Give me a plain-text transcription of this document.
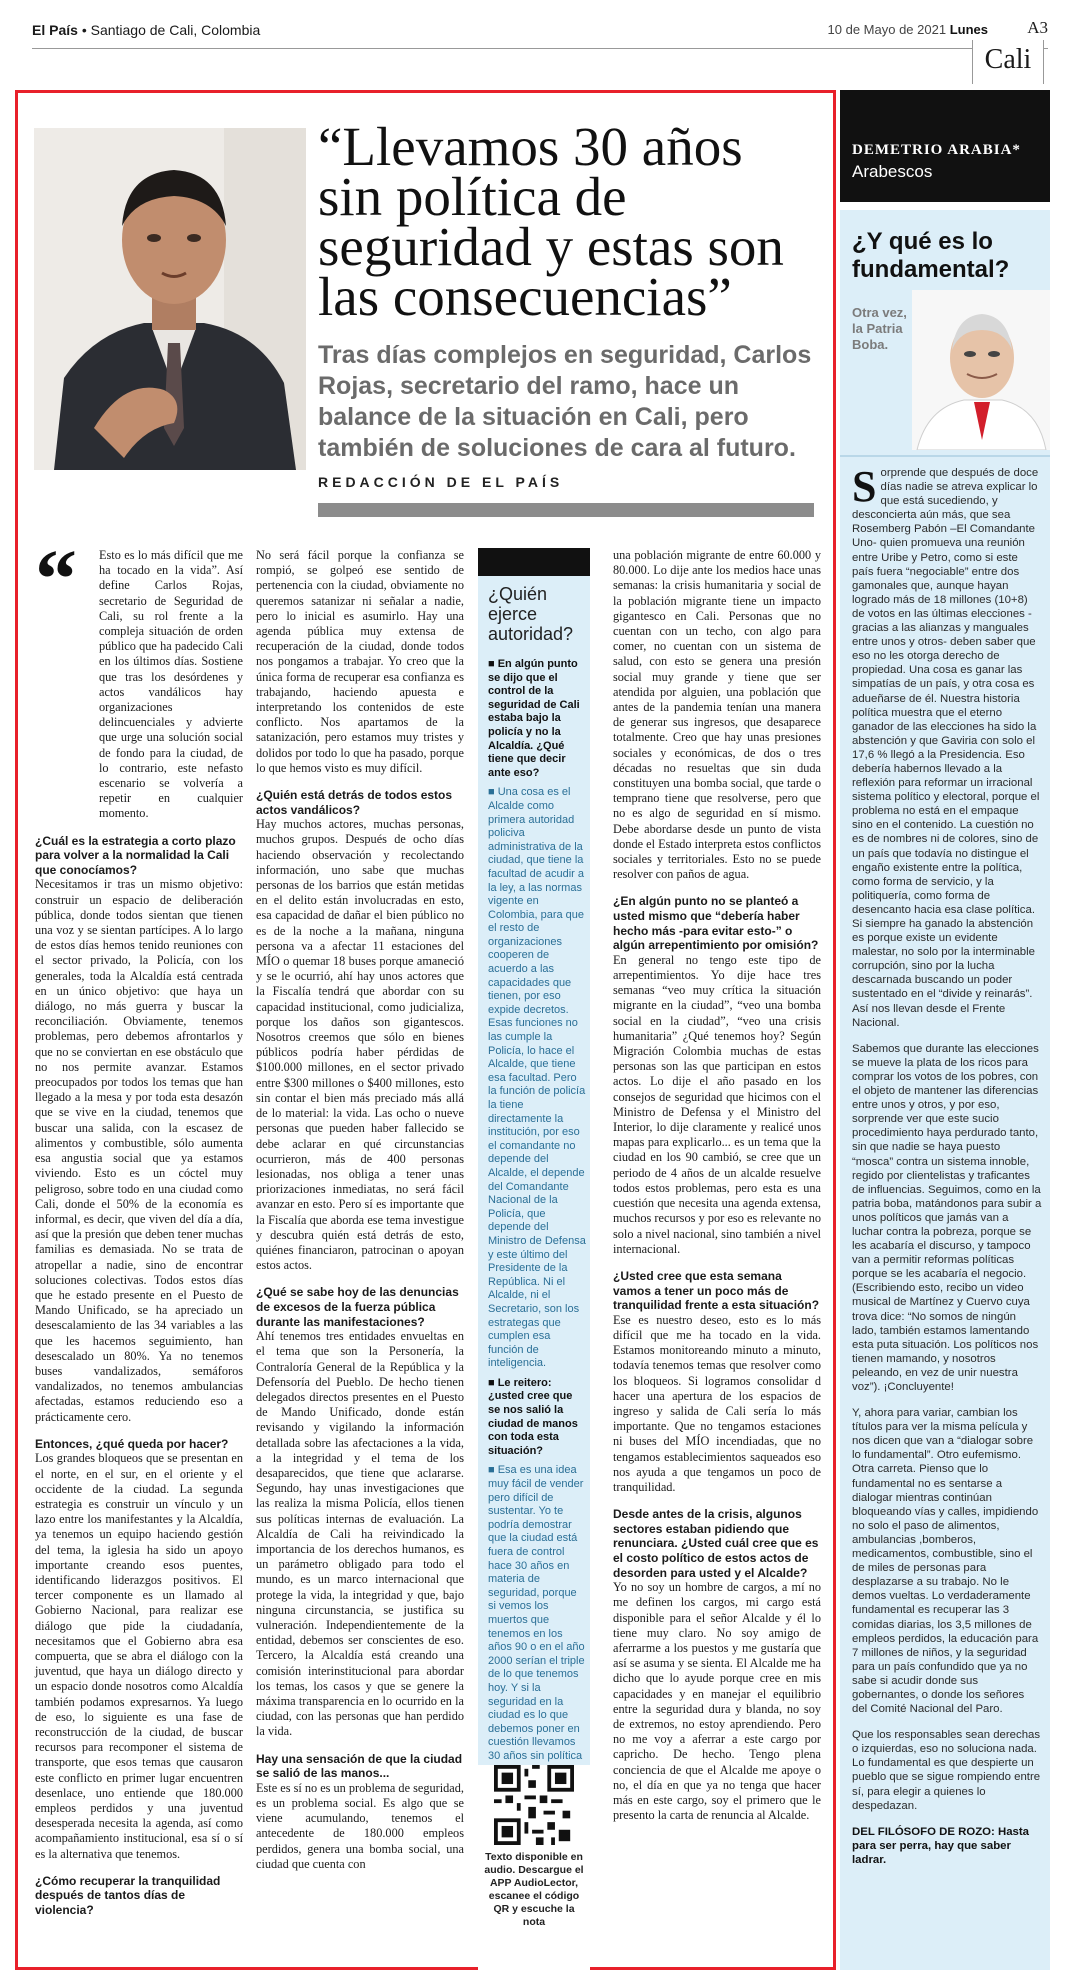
El País • Santiago de Cali, Colombia	10 de Mayo de 2021 Lunes A3
Cali
“Llevamos 30 años sin política de seguridad y estas son las consecuencias”
Tras días complejos en seguridad, Carlos Rojas, secretario del ramo, hace un balance de la situación en Cali, pero también de soluciones de cara al futuro.
REDACCIÓN DE EL PAÍS
“	Esto es lo más difícil que me ha tocado en la vida”. Así define Carlos Rojas, secretario de Seguridad de Cali, su rol frente a la compleja situación de orden público que ha padecido Cali en los últimos días. Sostiene que tras los desórdenes y actos vandálicos hay organizaciones delincuenciales y advierte que urge una solución social de fondo para la ciudad, de lo contrario, este nefasto escenario se volvería a repetir en cualquier momento.

¿Cuál es la estrategia a corto plazo para volver a la normalidad la Cali que conocíamos?

Necesitamos ir tras un mismo objetivo: construir un espacio de deliberación pública, donde todos sientan que tienen una voz y se sientan partícipes. A lo largo de estos días hemos tenido reuniones con el sector privado, la Policía, con los generales, toda la Alcaldía está centrada en un único objetivo: que haya un diálogo, no más guerra y buscar la reconciliación. Obviamente, tenemos problemas, pero debemos afrontarlos y que no se conviertan en ese obstáculo que no nos permite avanzar. Estamos preocupados por todos los temas que han llegado a la mesa y por toda esta desazón que se vive en la ciudad, tenemos que buscar una salida, con la escasez de alimentos y combustible, sólo aumenta esa angustia social que ya estamos viviendo. Esto es un cóctel muy peligroso, sobre todo en una ciudad como Cali, donde el 50% de la economía es informal, es decir, que viven del día a día, así que la presión que deben tener muchas familias es demasiada. No se trata de atropellar a nadie, sino de encontrar soluciones colectivas. Todos estos días que he estado presente en el Puesto de Mando Unificado, se ha apreciado un desescalamiento de las 34 variables a las que les hacemos seguimiento, han desescalado un 80%. Ya no tenemos buses vandalizados, semáforos vandalizados, no tenemos ambulancias afectadas, estamos reduciendo eso a prácticamente cero.

Entonces, ¿qué queda por hacer?

Los grandes bloqueos que se presentan en el norte, en el sur, en el oriente y el occidente de la ciudad. La segunda estrategia es construir un vínculo y un lazo entre los manifestantes y la Alcaldía, ya tenemos un equipo haciendo gestión del tema, la iglesia ha sido un apoyo importante creando esos puentes, identificando liderazgos positivos. El tercer componente es un llamado al Gobierno Nacional, para realizar ese diálogo que pide la ciudadanía, necesitamos que el Gobierno abra esa compuerta, que se abra el diálogo con la juventud, que haya un diálogo directo y un espacio donde nosotros como Alcaldía también podamos expresarnos. Ya luego de eso, lo siguiente es una fase de reconstrucción de la ciudad, de buscar recursos para recomponer el sistema de transporte, que esos temas que causaron este conflicto en primer lugar encuentren desenlace, uno entiende que 180.000 empleos perdidos y una juventud desesperada necesita la agenda, así como acompañamiento institucional, esa sí o sí es la alternativa que tenemos.

¿Cómo recuperar la tranquilidad después de tantos días de violencia?

No será fácil porque la confianza se rompió, se golpeó ese sentido de pertenencia con la ciudad, obviamente no queremos satanizar ni señalar a nadie, pero lo inicial es asumirlo. Hay una agenda pública muy extensa de recuperación de la ciudad, donde todos nos pongamos a trabajar. Yo creo que la única forma de recuperar esa confianza es trabajando, haciendo apuesta e interpretando los contenidos de este conflicto. Nos apartamos de la satanización, pero estamos muy tristes y dolidos por todo lo que ha pasado, porque lo que hemos visto es muy difícil.

¿Quién está detrás de todos estos actos vandálicos?

Hay muchos actores, muchas personas, muchos grupos. Después de ocho días haciendo observación y recolectando información, uno sabe que muchas personas de los barrios que están metidas en el delito están involucradas en esto, esa capacidad de dañar el bien público no es de la noche a la mañana, ninguna persona va a afectar 11 estaciones del MÍO o quemar 18 buses porque amaneció y se le ocurrió, ahí hay unos actores que la Fiscalía tendrá que abordar con su capacidad institucional, como judicializa, porque los daños son gigantescos. Nosotros creemos que sólo en bienes públicos podría haber pérdidas de $100.000 millones, en el sector privado entre $300 millones o $400 millones, esto sin contar el bien más preciado más allá de lo material: la vida. Las ocho o nueve personas que pueden haber fallecido se debe aclarar en qué circunstancias ocurrieron, más de 400 personas lesionadas, nos obliga a tener unas priorizaciones inmediatas, no será fácil avanzar en esto. Pero sí es importante que la Fiscalía que aborda ese tema investigue y descubra quién está detrás de esto, quiénes financiaron, patrocinan o apoyan estos actos.

¿Qué se sabe hoy de las denuncias de excesos de la fuerza pública durante las manifestaciones?

Ahí tenemos tres entidades envueltas en el tema que son la Personería, la Contraloría General de la República y la Defensoría del Pueblo. De hecho tienen delegados directos presentes en el Puesto de Mando Unificado, donde están revisando y vigilando la información detallada sobre las afectaciones a la vida, a la integridad y el tema de los desaparecidos, que tiene que aclararse. Segundo, hay unas investigaciones que las realiza la misma Policía, ellos tienen sus políticas internas de evaluación. La Alcaldía de Cali ha reivindicado la importancia de los derechos humanos, es un parámetro obligado para todo el mundo, es un marco internacional que protege la vida, la integridad y que, bajo ninguna circunstancia, se justifica su vulneración. Independientemente de la entidad, debemos ser conscientes de eso. Tercero, la Alcaldía está creando una comisión interinstitucional para abordar los temas, los casos y que se genere la máxima transparencia en lo ocurrido en la ciudad, con las personas que han perdido la vida.

Hay una sensación de que la ciudad se salió de las manos...

Este es sí no es un problema de seguridad, es un problema social. Es algo que se viene acumulando, tenemos el antecedente de 180.000 empleos perdidos, genera una bomba social, una ciudad que cuenta con

¿Quién ejerce autoridad?
■ En algún punto se dijo que el control de la seguridad de Cali estaba bajo la policía y no la Alcaldía. ¿Qué tiene que decir ante eso?
■ Una cosa es el Alcalde como primera autoridad policiva administrativa de la ciudad, que tiene la facultad de acudir a la ley, a las normas vigente en Colombia, para que el resto de organizaciones cooperen de acuerdo a las capacidades que tienen, por eso expide decretos. Esas funciones no las cumple la Policía, lo hace el Alcalde, que tiene esa facultad. Pero la función de policía la tiene directamente la institución, por eso el comandante no depende del Alcalde, el depende del Comandante Nacional de la Policía, que depende del Ministro de Defensa y este último del Presidente de la República. Ni el Alcalde, ni el Secretario, son los estrategas que cumplen esa función de inteligencia.
■ Le reitero: ¿usted cree que se nos salió la ciudad de manos con toda esta situación?
■ Esa es una idea muy fácil de vender pero difícil de sustentar. Yo te podría demostrar que la ciudad está fuera de control hace 30 años en materia de seguridad, porque si vemos los muertos que tenemos en los años 90 o en el año 2000 serían el triple de lo que tenemos hoy. Y si la seguridad en la ciudad es lo que debemos poner en cuestión llevamos 30 años sin política
Texto disponible en audio. Descargue el APP AudioLector, escanee el código QR y escuche la nota

una población migrante de entre 60.000 y 80.000. Lo dije ante los medios hace unas semanas: la crisis humanitaria y social de la población migrante tiene un impacto gigantesco en Cali. Personas que no cuentan con un techo, con algo para comer, no cuentan con un sistema de salud, con esto se genera una presión social muy grande y tiene que ser atendida por alguien, una población que antes de la pandemia tenían una manera de generar sus ingresos, que desaparece totalmente. Creo que hay unas presiones sociales y económicas, de dos o tres décadas no resueltas que sin duda constituyen una bomba social, que tarde o temprano tiene que resolverse, pero que no es algo de seguridad en sí mismo. Debe abordarse desde un punto de vista donde el Estado interpreta estos conflictos sociales y territoriales. Esto no se puede resolver con paños de agua.

¿En algún punto no se planteó a usted mismo que “debería haber hecho más -para evitar esto-” o algún arrepentimiento por omisión?

En general no tengo este tipo de arrepentimientos. Yo dije hace tres semanas “veo muy crítica la situación migrante en la ciudad”, “veo una bomba social en la ciudad”, “veo una crisis humanitaria” ¿Qué tenemos hoy? Según Migración Colombia muchas de estas personas son las que participan en estos actos. Lo dije el año pasado en los consejos de seguridad que hicimos con el Ministro de Defensa y el Ministro del Interior, lo dije claramente y realicé unos mapas para explicarlo... es un tema que la ciudad en los 90 cambió, se cree que un periodo de 4 años de un alcalde resuelve todos estos problemas, pero esta es una cuestión que necesita una agenda extensa, muchos recursos y por eso es relevante no solo a nivel nacional, sino también a nivel internacional.

¿Usted cree que esta semana vamos a tener un poco más de tranquilidad frente a esta situación?

Ese es nuestro deseo, esto es lo más difícil que me ha tocado en la vida. Estamos monitoreando minuto a minuto, todavía tenemos temas que resolver como los bloqueos. Si logramos consolidar d hacer una apertura de los espacios de ingreso y salida de Cali sería lo más importante. Que no tengamos estaciones ni buses del MÍO incendiadas, que no tengamos establecimientos saqueados eso nos ayuda a que tengamos un poco de tranquilidad.

Desde antes de la crisis, algunos sectores estaban pidiendo que renunciara. ¿Usted cuál cree que es el costo político de estos actos de desorden para usted y el Alcalde?

Yo no soy un hombre de cargos, a mí no me definen los cargos, mi cargo está disponible para el señor Alcalde y él lo tiene muy claro. No soy amigo de aferrarme a los puestos y me gustaría que así se asuma y se sienta. El Alcalde me ha dicho que lo ayude porque cree en mis capacidades y en manejar el equilibrio entre la seguridad dura y blanda, no soy de extremos, no estoy aprendiendo. Pero no me voy a aferrar a este cargo por capricho. De hecho. Tengo plena conciencia de que el Alcalde me apoye o no, el día en que ya no tenga que hacer más en este cargo, soy el primero que le presento la carta de renuncia al Alcalde.

DEMETRIO ARABIA*
Arabescos
¿Y qué es lo fundamental?
Otra vez, la Patria Boba.

Sorprende que después de doce días nadie se atreva explicar lo que está sucediendo, y desconcierta aún más, que sea Rosemberg Pabón –El Comandante Uno- quien promueva una reunión entre Uribe y Petro, como si este país fuera “negociable” entre dos gamonales que, aunque hayan logrado más de 18 millones (10+8) de votos en las últimas elecciones -gracias a las alianzas y manguales entre unos y otros- deben saber que eso no les otorga derecho de propiedad. Una cosa es ganar las simpatías de un país, y otra cosa es adueñarse de él. Nuestra historia política muestra que el eterno ganador de las elecciones ha sido la abstención y que Gaviria con solo el 17,6 % llegó a la Presidencia. Eso debería habernos llevado a la reflexión para reformar un irracional sistema político y electoral, porque el problema no está en el empaque sino en el contenido. La cuestión no es de nombres ni de colores, sino de un país que todavía no distingue el engaño existente entre la política, como forma de servicio, y la politiquería, como forma de desencanto hacia esa clase política. Si siempre ha ganado la abstención es porque existe un evidente malestar, no solo por la interminable corrupción, sino por la lucha descarnada buscando un poder sustentado en el “divide y reinarás”. Así nos llevan desde el Frente Nacional.

Sabemos que durante las elecciones se mueve la plata de los ricos para comprar los votos de los pobres, con el objeto de mantener las diferencias entre unos y otros, y por eso, sorprende ver que este sucio procedimiento haya perdurado tanto, sin que nadie se haya puesto “mosca” contra un sistema innoble, regido por clientelistas y traficantes de influencias. Seguimos, como en la patria boba, matándonos para subir a unos políticos que jamás van a luchar contra la pobreza, porque se les acabaría el discurso, y tampoco van a permitir reformas políticas porque se les acabaría el negocio. (Escribiendo esto, recibo un video musical de Martínez y Cuervo cuya trova dice: “No somos de ningún lado, también estamos lamentando esta puta situación. Los políticos nos tienen mamando, y nosotros peleando, en vez de unir nuestra voz”). ¡Concluyente!

Y, ahora para variar, cambian los títulos para ver la misma película y nos dicen que van a “dialogar sobre lo fundamental”. Otro eufemismo. Otra carreta. Pienso que lo fundamental no es sentarse a dialogar mientras continúan bloqueando vías y calles, impidiendo no solo el paso de alimentos, ambulancias ,bomberos, medicamentos, combustible, sino el de miles de personas para desplazarse a su trabajo. No le demos vueltas. Lo verdaderamente fundamental es recuperar las 3 comidas diarias, los 3,5 millones de empleos perdidos, la educación para 7 millones de niños, y la seguridad para un país confundido que ya no sabe si acudir donde sus gobernantes, o donde los señores del Comité Nacional del Paro.

Que los responsables sean derechas o izquierdas, eso no soluciona nada. Lo fundamental es que despierte un pueblo que se sigue rompiendo entre sí, para elegir a quienes lo despedazan.

DEL FILÓSOFO DE ROZO: Hasta para ser perra, hay que saber ladrar.
